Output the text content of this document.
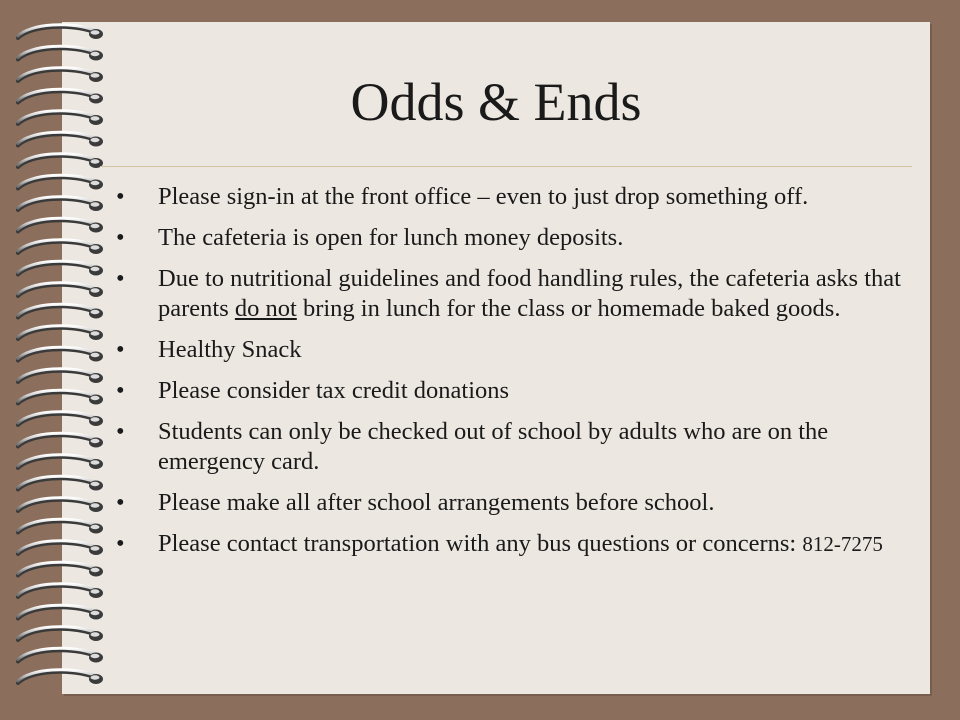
Odds & Ends
• Please sign-in at the front office – even to just drop something off.
• The cafeteria is open for lunch money deposits.
• Due to nutritional guidelines and food handling rules, the cafeteria asks that parents do not bring in lunch for the class or homemade baked goods.
• Healthy Snack
• Please consider tax credit donations
• Students can only be checked out of school by adults who are on the emergency card.
• Please make all after school arrangements before school.
• Please contact transportation with any bus questions or concerns: 812-7275
